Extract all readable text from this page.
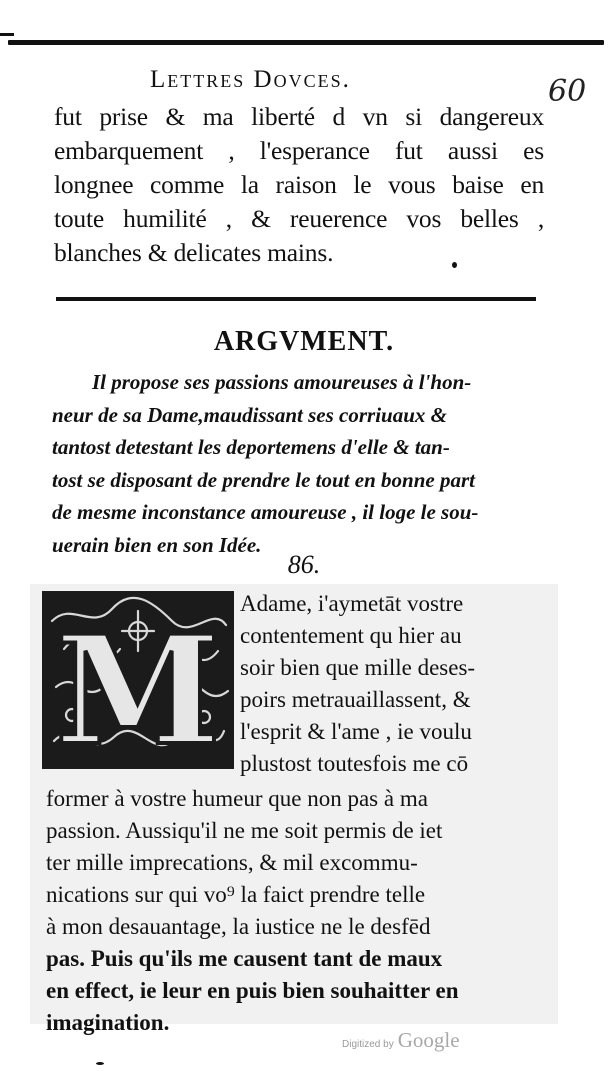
Lettres Dovces.	60
fut prise & ma liberté d vn si dangereux
embarquement , l'esperance fut aussi es
longnee comme la raison le vous baise en
toute humilité , & reuerence vos belles ,
blanches & delicates mains.
ARGVMENT.
Il propose ses passions amoureuses à l'hon-
neur de sa Dame,maudissant ses corriuaux &
tantost detestant les deportemens d'elle & tan-
tost se disposant de prendre le tout en bonne part
de mesme inconstance amoureuse , il loge le sou-
uerain bien en son Idée.
86.
M Adame, i'aymetāt vostre
contentement qu hier au
soir bien que mille deses-
poirs metrauaillassent, &
l'esprit & l'ame , ie voulu
plustost toutesfois me cō
former à vostre humeur que non pas à ma
passion. Aussiqu'il ne me soit permis de iet
ter mille imprecations, & mil excommu-
nications sur qui vo⁹ la faict prendre telle
à mon desauantage, la iustice ne le desfēd
pas. Puis qu'ils me causent tant de maux
en effect, ie leur en puis bien souhaitter en
imagination.
Digitized by Google
